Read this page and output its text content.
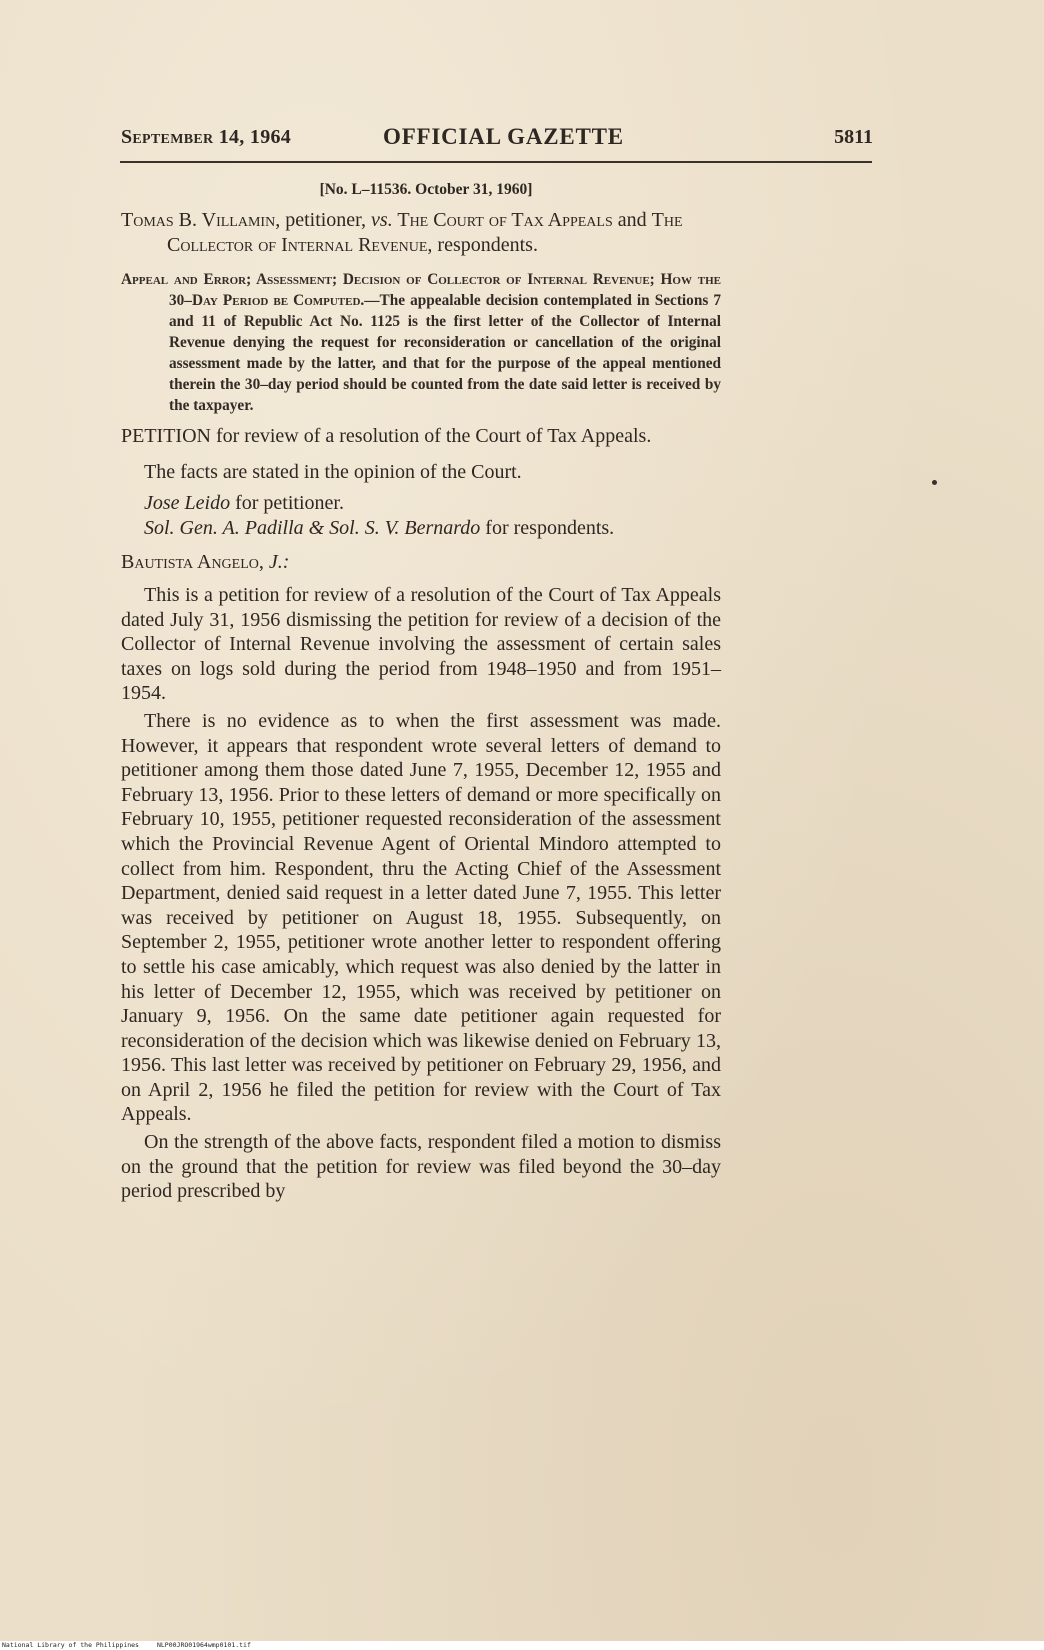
September 14, 1964	OFFICIAL GAZETTE	5811

[No. L–11536. October 31, 1960]

Tomas B. Villamin, petitioner, vs. The Court of Tax Appeals and The Collector of Internal Revenue, respondents.

Appeal and Error; Assessment; Decision of Collector of Internal Revenue; How the 30–Day Period be Computed.—The appealable decision contemplated in Sections 7 and 11 of Republic Act No. 1125 is the first letter of the Collector of Internal Revenue denying the request for reconsideration or cancellation of the original assessment made by the latter, and that for the purpose of the appeal mentioned therein the 30–day period should be counted from the date said letter is received by the taxpayer.

PETITION for review of a resolution of the Court of Tax Appeals.

The facts are stated in the opinion of the Court.

Jose Leido for petitioner.

Sol. Gen. A. Padilla & Sol. S. V. Bernardo for respondents.

Bautista Angelo, J.:

This is a petition for review of a resolution of the Court of Tax Appeals dated July 31, 1956 dismissing the petition for review of a decision of the Collector of Internal Revenue involving the assessment of certain sales taxes on logs sold during the period from 1948–1950 and from 1951–1954.

There is no evidence as to when the first assessment was made. However, it appears that respondent wrote several letters of demand to petitioner among them those dated June 7, 1955, December 12, 1955 and February 13, 1956. Prior to these letters of demand or more specifically on February 10, 1955, petitioner requested reconsideration of the assessment which the Provincial Revenue Agent of Oriental Mindoro attempted to collect from him. Respondent, thru the Acting Chief of the Assessment Department, denied said request in a letter dated June 7, 1955. This letter was received by petitioner on August 18, 1955. Subsequently, on September 2, 1955, petitioner wrote another letter to respondent offering to settle his case amicably, which request was also denied by the latter in his letter of December 12, 1955, which was received by petitioner on January 9, 1956. On the same date petitioner again requested for reconsideration of the decision which was likewise denied on February 13, 1956. This last letter was received by petitioner on February 29, 1956, and on April 2, 1956 he filed the petition for review with the Court of Tax Appeals.

On the strength of the above facts, respondent filed a motion to dismiss on the ground that the petition for review was filed beyond the 30–day period prescribed by

National Library of the Philippines	NLP00JRO01964wmp0101.tif
